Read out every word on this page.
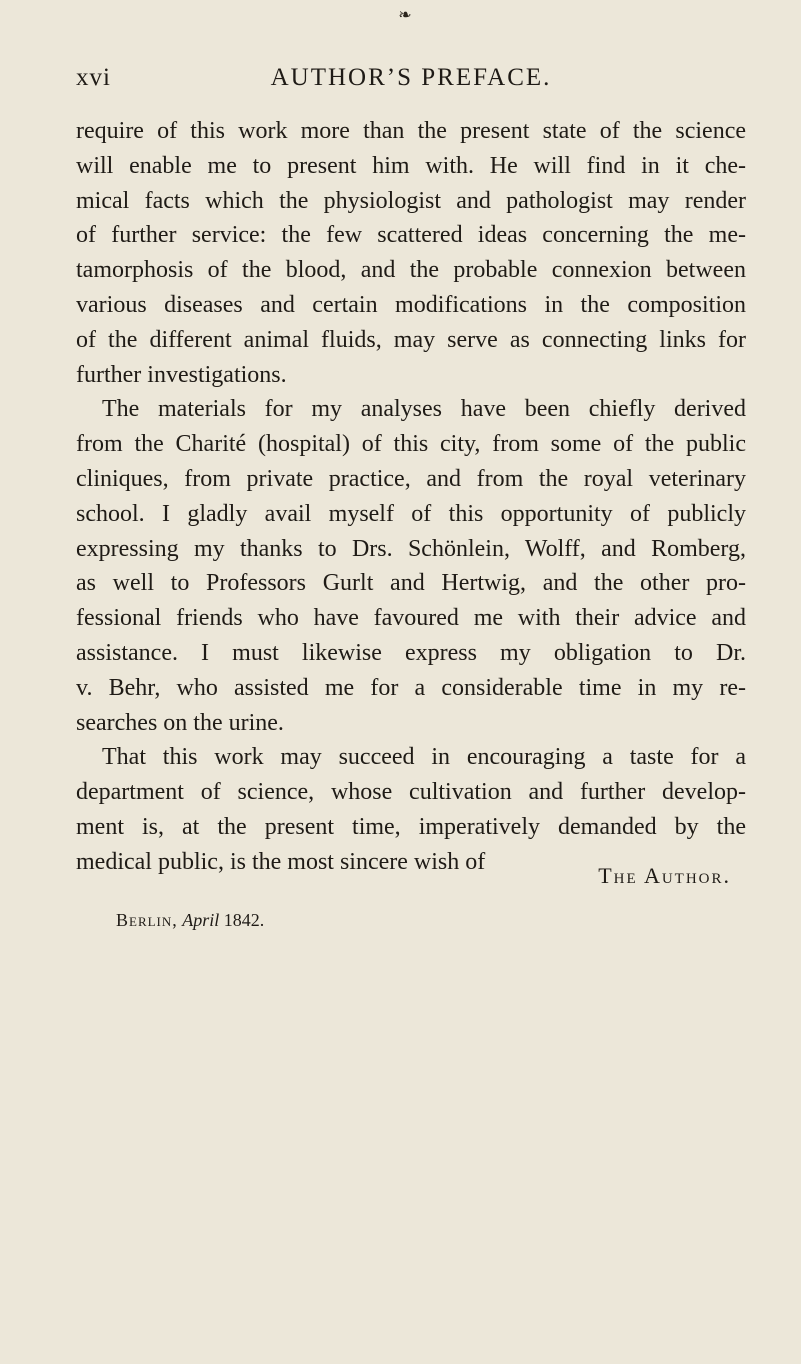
❧
xvi	AUTHOR’S PREFACE.
require of this work more than the present state of the science
will enable me to present him with. He will find in it che-
mical facts which the physiologist and pathologist may render
of further service: the few scattered ideas concerning the me-
tamorphosis of the blood, and the probable connexion between
various diseases and certain modifications in the composition
of the different animal fluids, may serve as connecting links for
further investigations.
The materials for my analyses have been chiefly derived
from the Charité (hospital) of this city, from some of the public
cliniques, from private practice, and from the royal veterinary
school. I gladly avail myself of this opportunity of publicly
expressing my thanks to Drs. Schönlein, Wolff, and Romberg,
as well to Professors Gurlt and Hertwig, and the other pro-
fessional friends who have favoured me with their advice and
assistance. I must likewise express my obligation to Dr.
v. Behr, who assisted me for a considerable time in my re-
searches on the urine.
That this work may succeed in encouraging a taste for a
department of science, whose cultivation and further develop-
ment is, at the present time, imperatively demanded by the
medical public, is the most sincere wish of
The Author.
Berlin, April 1842.
